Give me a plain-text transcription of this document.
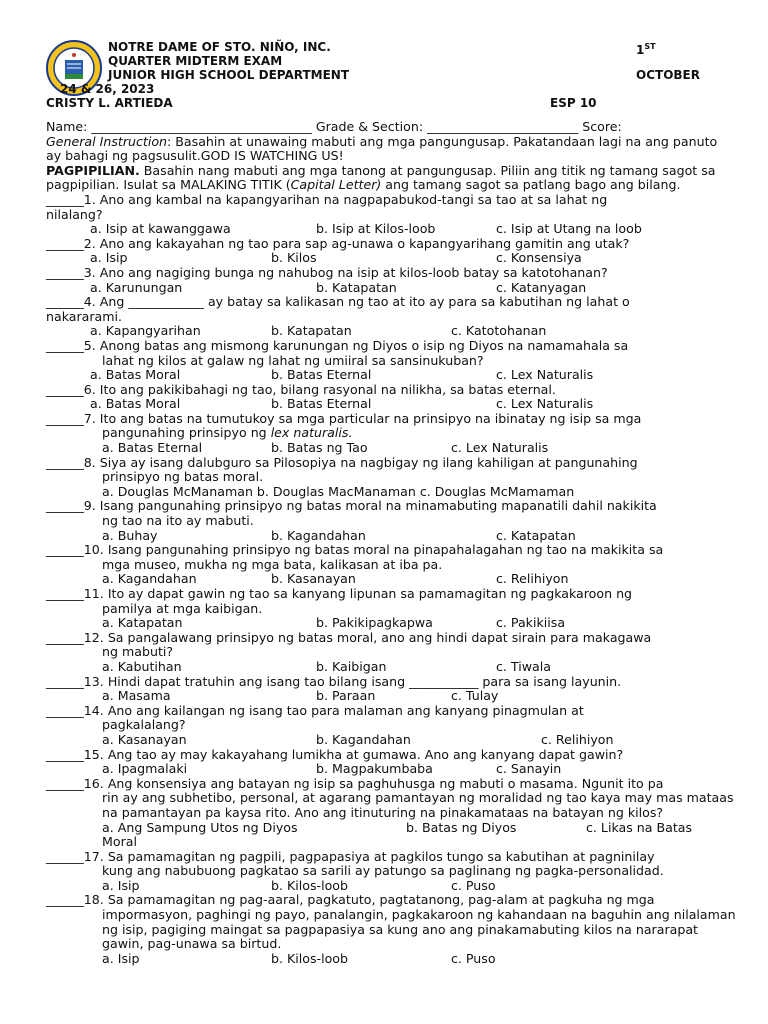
NOTRE DAME OF STO. NIÑO, INC.
QUARTER MIDTERM EXAM
JUNIOR HIGH SCHOOL DEPARTMENT
1ST
OCTOBER
24 & 26, 2023
CRISTY L. ARTIEDA	ESP 10
Name: ___________________________________ Grade & Section: ________________________ Score:
General Instruction: Basahin at unawaing mabuti ang mga pangungusap. Pakatandaan lagi na ang panuto ay bahagi ng pagsusulit.GOD IS WATCHING US!
PAGPIPILIAN. Basahin nang mabuti ang mga tanong at pangungusap. Piliin ang titik ng tamang sagot sa pagpipilian. Isulat sa MALAKING TITIK (Capital Letter) ang tamang sagot sa patlang bago ang bilang.
______1. Ano ang kambal na kapangyarihan na nagpapabukod-tangi sa tao at sa lahat ng
nilalang?
a. Isip at kawanggawa	b. Isip at Kilos-loob	c. Isip at Utang na loob
______2. Ano ang kakayahan ng tao para sap ag-unawa o kapangyarihang gamitin ang utak?
a. Isip	b. Kilos	c. Konsensiya
______3. Ano ang nagiging bunga ng nahubog na isip at kilos-loob batay sa katotohanan?
a. Karunungan	b. Katapatan	c. Katanyagan
______4. Ang ____________ ay batay sa kalikasan ng tao at ito ay para sa kabutihan ng lahat o
nakararami.
a. Kapangyarihan	b. Katapatan	c. Katotohanan
______5. Anong batas ang mismong karunungan ng Diyos o isip ng Diyos na namamahala sa
lahat ng kilos at galaw ng lahat ng umiiral sa sansinukuban?
a. Batas Moral	b. Batas Eternal	c. Lex Naturalis
______6. Ito ang pakikibahagi ng tao, bilang rasyonal na nilikha, sa batas eternal.
a. Batas Moral	b. Batas Eternal	c. Lex Naturalis
______7. Ito ang batas na tumutukoy sa mga particular na prinsipyo na ibinatay ng isip sa mga
pangunahing prinsipyo ng lex naturalis.
a. Batas Eternal	b. Batas ng Tao	c. Lex Naturalis
______8. Siya ay isang dalubguro sa Pilosopiya na nagbigay ng ilang kahiligan at pangunahing
prinsipyo ng batas moral.
a. Douglas McManaman b. Douglas MacManaman c. Douglas McMamaman
______9. Isang pangunahing prinsipyo ng batas moral na minamabuting mapanatili dahil nakikita
ng tao na ito ay mabuti.
a. Buhay	b. Kagandahan	c. Katapatan
______10. Isang pangunahing prinsipyo ng batas moral na pinapahalagahan ng tao na makikita sa
mga museo, mukha ng mga bata, kalikasan at iba pa.
a. Kagandahan	b. Kasanayan	c. Relihiyon
______11. Ito ay dapat gawin ng tao sa kanyang lipunan sa pamamagitan ng pagkakaroon ng
pamilya at mga kaibigan.
a. Katapatan	b. Pakikipagkapwa	c. Pakikiisa
______12. Sa pangalawang prinsipyo ng batas moral, ano ang hindi dapat sirain para makagawa
ng mabuti?
a. Kabutihan	b. Kaibigan	c. Tiwala
______13. Hindi dapat tratuhin ang isang tao bilang isang ___________ para sa isang layunin.
a. Masama	b. Paraan	c. Tulay
______14. Ano ang kailangan ng isang tao para malaman ang kanyang pinagmulan at
pagkalalang?
a. Kasanayan	b. Kagandahan	c. Relihiyon
______15. Ang tao ay may kakayahang lumikha at gumawa. Ano ang kanyang dapat gawin?
a. Ipagmalaki	b. Magpakumbaba	c. Sanayin
______16. Ang konsensiya ang batayan ng isip sa paghuhusga ng mabuti o masama. Ngunit ito pa
rin ay ang subhetibo, personal, at agarang pamantayan ng moralidad ng tao kaya may mas mataas na pamantayan pa kaysa rito. Ano ang itinuturing na pinakamataas na batayan ng kilos?
a. Ang Sampung Utos ng Diyos	b. Batas ng Diyos	c. Likas na Batas
Moral
______17. Sa pamamagitan ng pagpili, pagpapasiya at pagkilos tungo sa kabutihan at pagninilay
kung ang nabubuong pagkatao sa sarili ay patungo sa paglinang ng pagka-personalidad.
a. Isip	b. Kilos-loob	c. Puso
______18. Sa pamamagitan ng pag-aaral, pagkatuto, pagtatanong, pag-alam at pagkuha ng mga
impormasyon, paghingi ng payo, panalangin, pagkakaroon ng kahandaan na baguhin ang nilalaman ng isip, pagiging maingat sa pagpapasiya sa kung ano ang pinakamabuting kilos na nararapat gawin, pag-unawa sa birtud.
a. Isip	b. Kilos-loob	c. Puso
